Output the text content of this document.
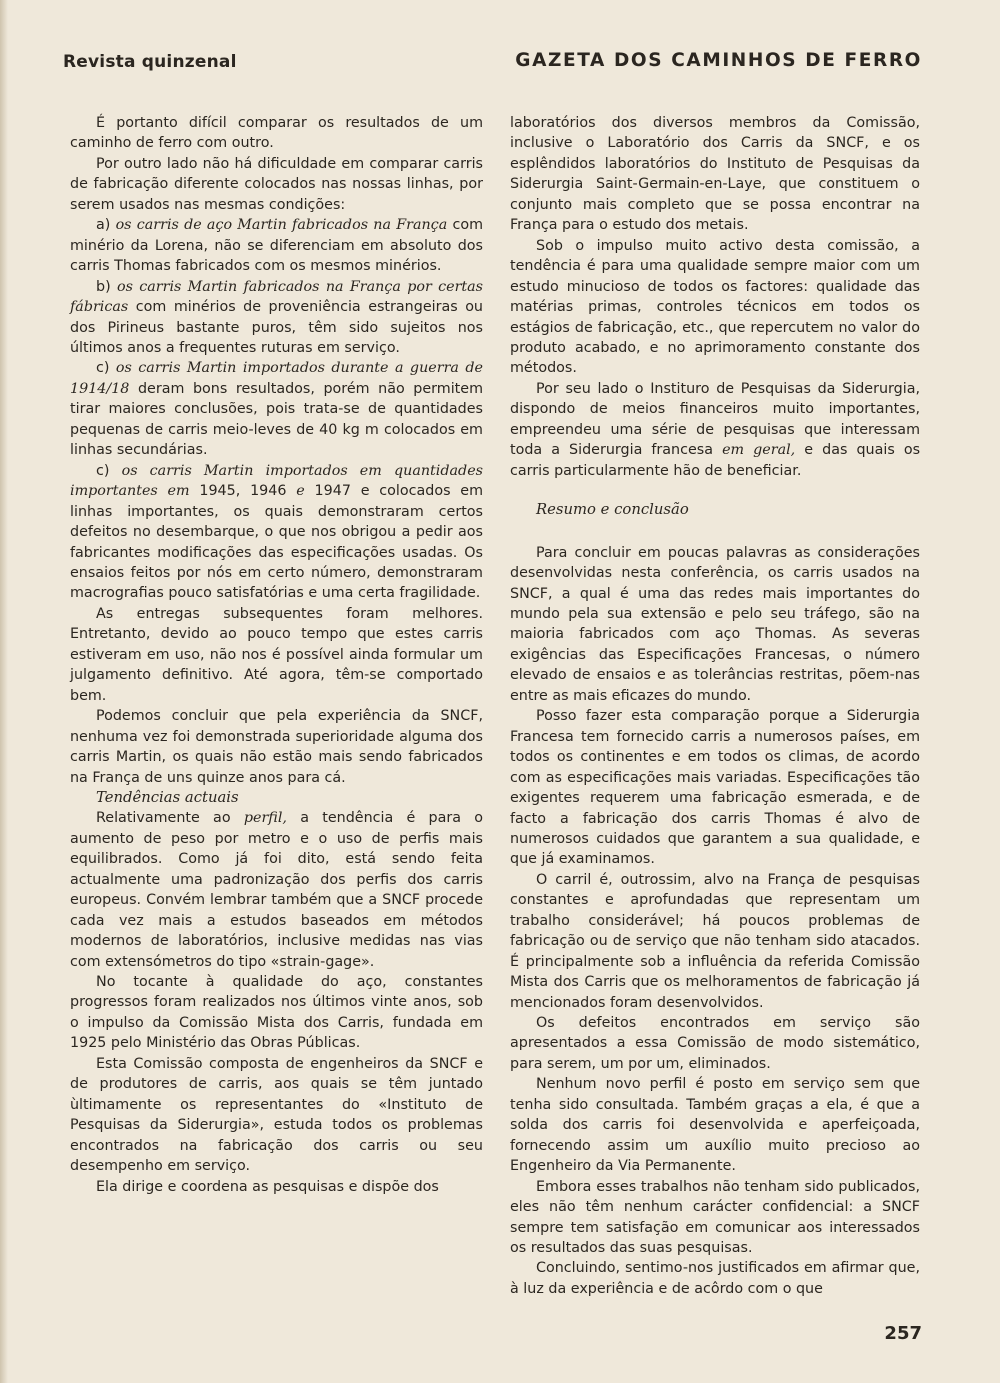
Revista quinzenal	GAZETA DOS CAMINHOS DE FERRO

É portanto difícil comparar os resultados de um caminho de ferro com outro.

Por outro lado não há dificuldade em comparar carris de fabricação diferente colocados nas nossas linhas, por serem usados nas mesmas condições:

a) os carris de aço Martin fabricados na França com minério da Lorena, não se diferenciam em absoluto dos carris Thomas fabricados com os mesmos minérios.

b) os carris Martin fabricados na França por certas fábricas com minérios de proveniência estrangeiras ou dos Pirineus bastante puros, têm sido sujeitos nos últimos anos a frequentes ruturas em serviço.

c) os carris Martin importados durante a guerra de 1914/18 deram bons resultados, porém não permitem tirar maiores conclusões, pois trata-se de quantidades pequenas de carris meio-leves de 40 kg m colocados em linhas secundárias.

c) os carris Martin importados em quantidades importantes em 1945, 1946 e 1947 e colocados em linhas importantes, os quais demonstraram certos defeitos no desembarque, o que nos obrigou a pedir aos fabricantes modificações das especificações usadas. Os ensaios feitos por nós em certo número, demonstraram macrografias pouco satisfatórias e uma certa fragilidade.

As entregas subsequentes foram melhores. Entretanto, devido ao pouco tempo que estes carris estiveram em uso, não nos é possível ainda formular um julgamento definitivo. Até agora, têm-se comportado bem.

Podemos concluir que pela experiência da SNCF, nenhuma vez foi demonstrada superioridade alguma dos carris Martin, os quais não estão mais sendo fabricados na França de uns quinze anos para cá.

Tendências actuais

Relativamente ao perfil, a tendência é para o aumento de peso por metro e o uso de perfis mais equilibrados. Como já foi dito, está sendo feita actualmente uma padronização dos perfis dos carris europeus. Convém lembrar também que a SNCF procede cada vez mais a estudos baseados em métodos modernos de laboratórios, inclusive medidas nas vias com extensómetros do tipo «strain-gage».

No tocante à qualidade do aço, constantes progressos foram realizados nos últimos vinte anos, sob o impulso da Comissão Mista dos Carris, fundada em 1925 pelo Ministério das Obras Públicas.

Esta Comissão composta de engenheiros da SNCF e de produtores de carris, aos quais se têm juntado ùltimamente os representantes do «Instituto de Pesquisas da Siderurgia», estuda todos os problemas encontrados na fabricação dos carris ou seu desempenho em serviço.

Ela dirige e coordena as pesquisas e dispõe dos

laboratórios dos diversos membros da Comissão, inclusive o Laboratório dos Carris da SNCF, e os esplêndidos laboratórios do Instituto de Pesquisas da Siderurgia Saint-Germain-en-Laye, que constituem o conjunto mais completo que se possa encontrar na França para o estudo dos metais.

Sob o impulso muito activo desta comissão, a tendência é para uma qualidade sempre maior com um estudo minucioso de todos os factores: qualidade das matérias primas, controles técnicos em todos os estágios de fabricação, etc., que repercutem no valor do produto acabado, e no aprimoramento constante dos métodos.

Por seu lado o Instituro de Pesquisas da Siderurgia, dispondo de meios financeiros muito importantes, empreendeu uma série de pesquisas que interessam toda a Siderurgia francesa em geral, e das quais os carris particularmente hão de beneficiar.

Resumo e conclusão

Para concluir em poucas palavras as considerações desenvolvidas nesta conferência, os carris usados na SNCF, a qual é uma das redes mais importantes do mundo pela sua extensão e pelo seu tráfego, são na maioria fabricados com aço Thomas. As severas exigências das Especificações Francesas, o número elevado de ensaios e as tolerâncias restritas, põem-nas entre as mais eficazes do mundo.

Posso fazer esta comparação porque a Siderurgia Francesa tem fornecido carris a numerosos países, em todos os continentes e em todos os climas, de acordo com as especificações mais variadas. Especificações tão exigentes requerem uma fabricação esmerada, e de facto a fabricação dos carris Thomas é alvo de numerosos cuidados que garantem a sua qualidade, e que já examinamos.

O carril é, outrossim, alvo na França de pesquisas constantes e aprofundadas que representam um trabalho considerável; há poucos problemas de fabricação ou de serviço que não tenham sido atacados. É principalmente sob a influência da referida Comissão Mista dos Carris que os melhoramentos de fabricação já mencionados foram desenvolvidos.

Os defeitos encontrados em serviço são apresentados a essa Comissão de modo sistemático, para serem, um por um, eliminados.

Nenhum novo perfil é posto em serviço sem que tenha sido consultada. Também graças a ela, é que a solda dos carris foi desenvolvida e aperfeiçoada, fornecendo assim um auxílio muito precioso ao Engenheiro da Via Permanente.

Embora esses trabalhos não tenham sido publicados, eles não têm nenhum carácter confidencial: a SNCF sempre tem satisfação em comunicar aos interessados os resultados das suas pesquisas.

Concluindo, sentimo-nos justificados em afirmar que, à luz da experiência e de acôrdo com o que

257
